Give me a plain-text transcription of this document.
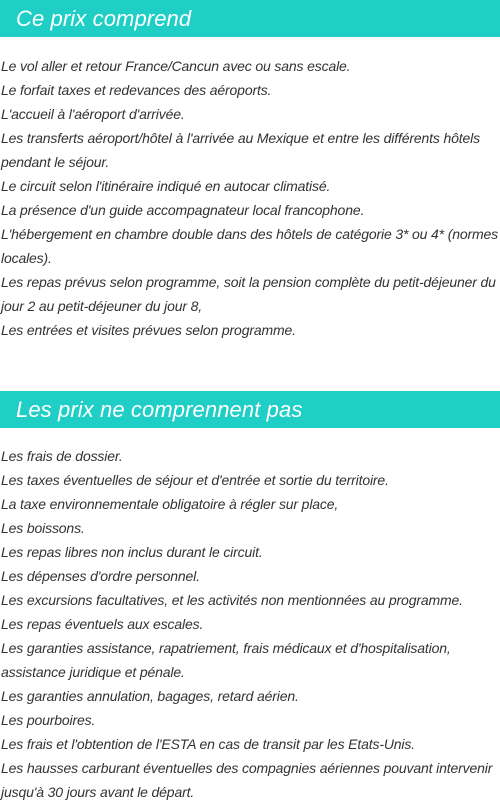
Ce prix comprend
Le vol aller et retour France/Cancun avec ou sans escale.
Le forfait taxes et redevances des aéroports.
L'accueil à l'aéroport d'arrivée.
Les transferts aéroport/hôtel à l'arrivée au Mexique et entre les différents hôtels pendant le séjour.
Le circuit selon l'itinéraire indiqué en autocar climatisé.
La présence d'un guide accompagnateur local francophone.
L'hébergement en chambre double dans des hôtels de catégorie 3* ou 4* (normes locales).
Les repas prévus selon programme, soit la pension complète du petit-déjeuner du jour 2 au petit-déjeuner du jour 8,
Les entrées et visites prévues selon programme.
Les prix ne comprennent pas
Les frais de dossier.
Les taxes éventuelles de séjour et d'entrée et sortie du territoire.
La taxe environnementale obligatoire à régler sur place,
Les boissons.
Les repas libres non inclus durant le circuit.
Les dépenses d'ordre personnel.
Les excursions facultatives, et les activités non mentionnées au programme.
Les repas éventuels aux escales.
Les garanties assistance, rapatriement, frais médicaux et d'hospitalisation, assistance juridique et pénale.
Les garanties annulation, bagages, retard aérien.
Les pourboires.
Les frais et l'obtention de l'ESTA en cas de transit par les Etats-Unis.
Les hausses carburant éventuelles des compagnies aériennes pouvant intervenir jusqu'à 30 jours avant le départ.
